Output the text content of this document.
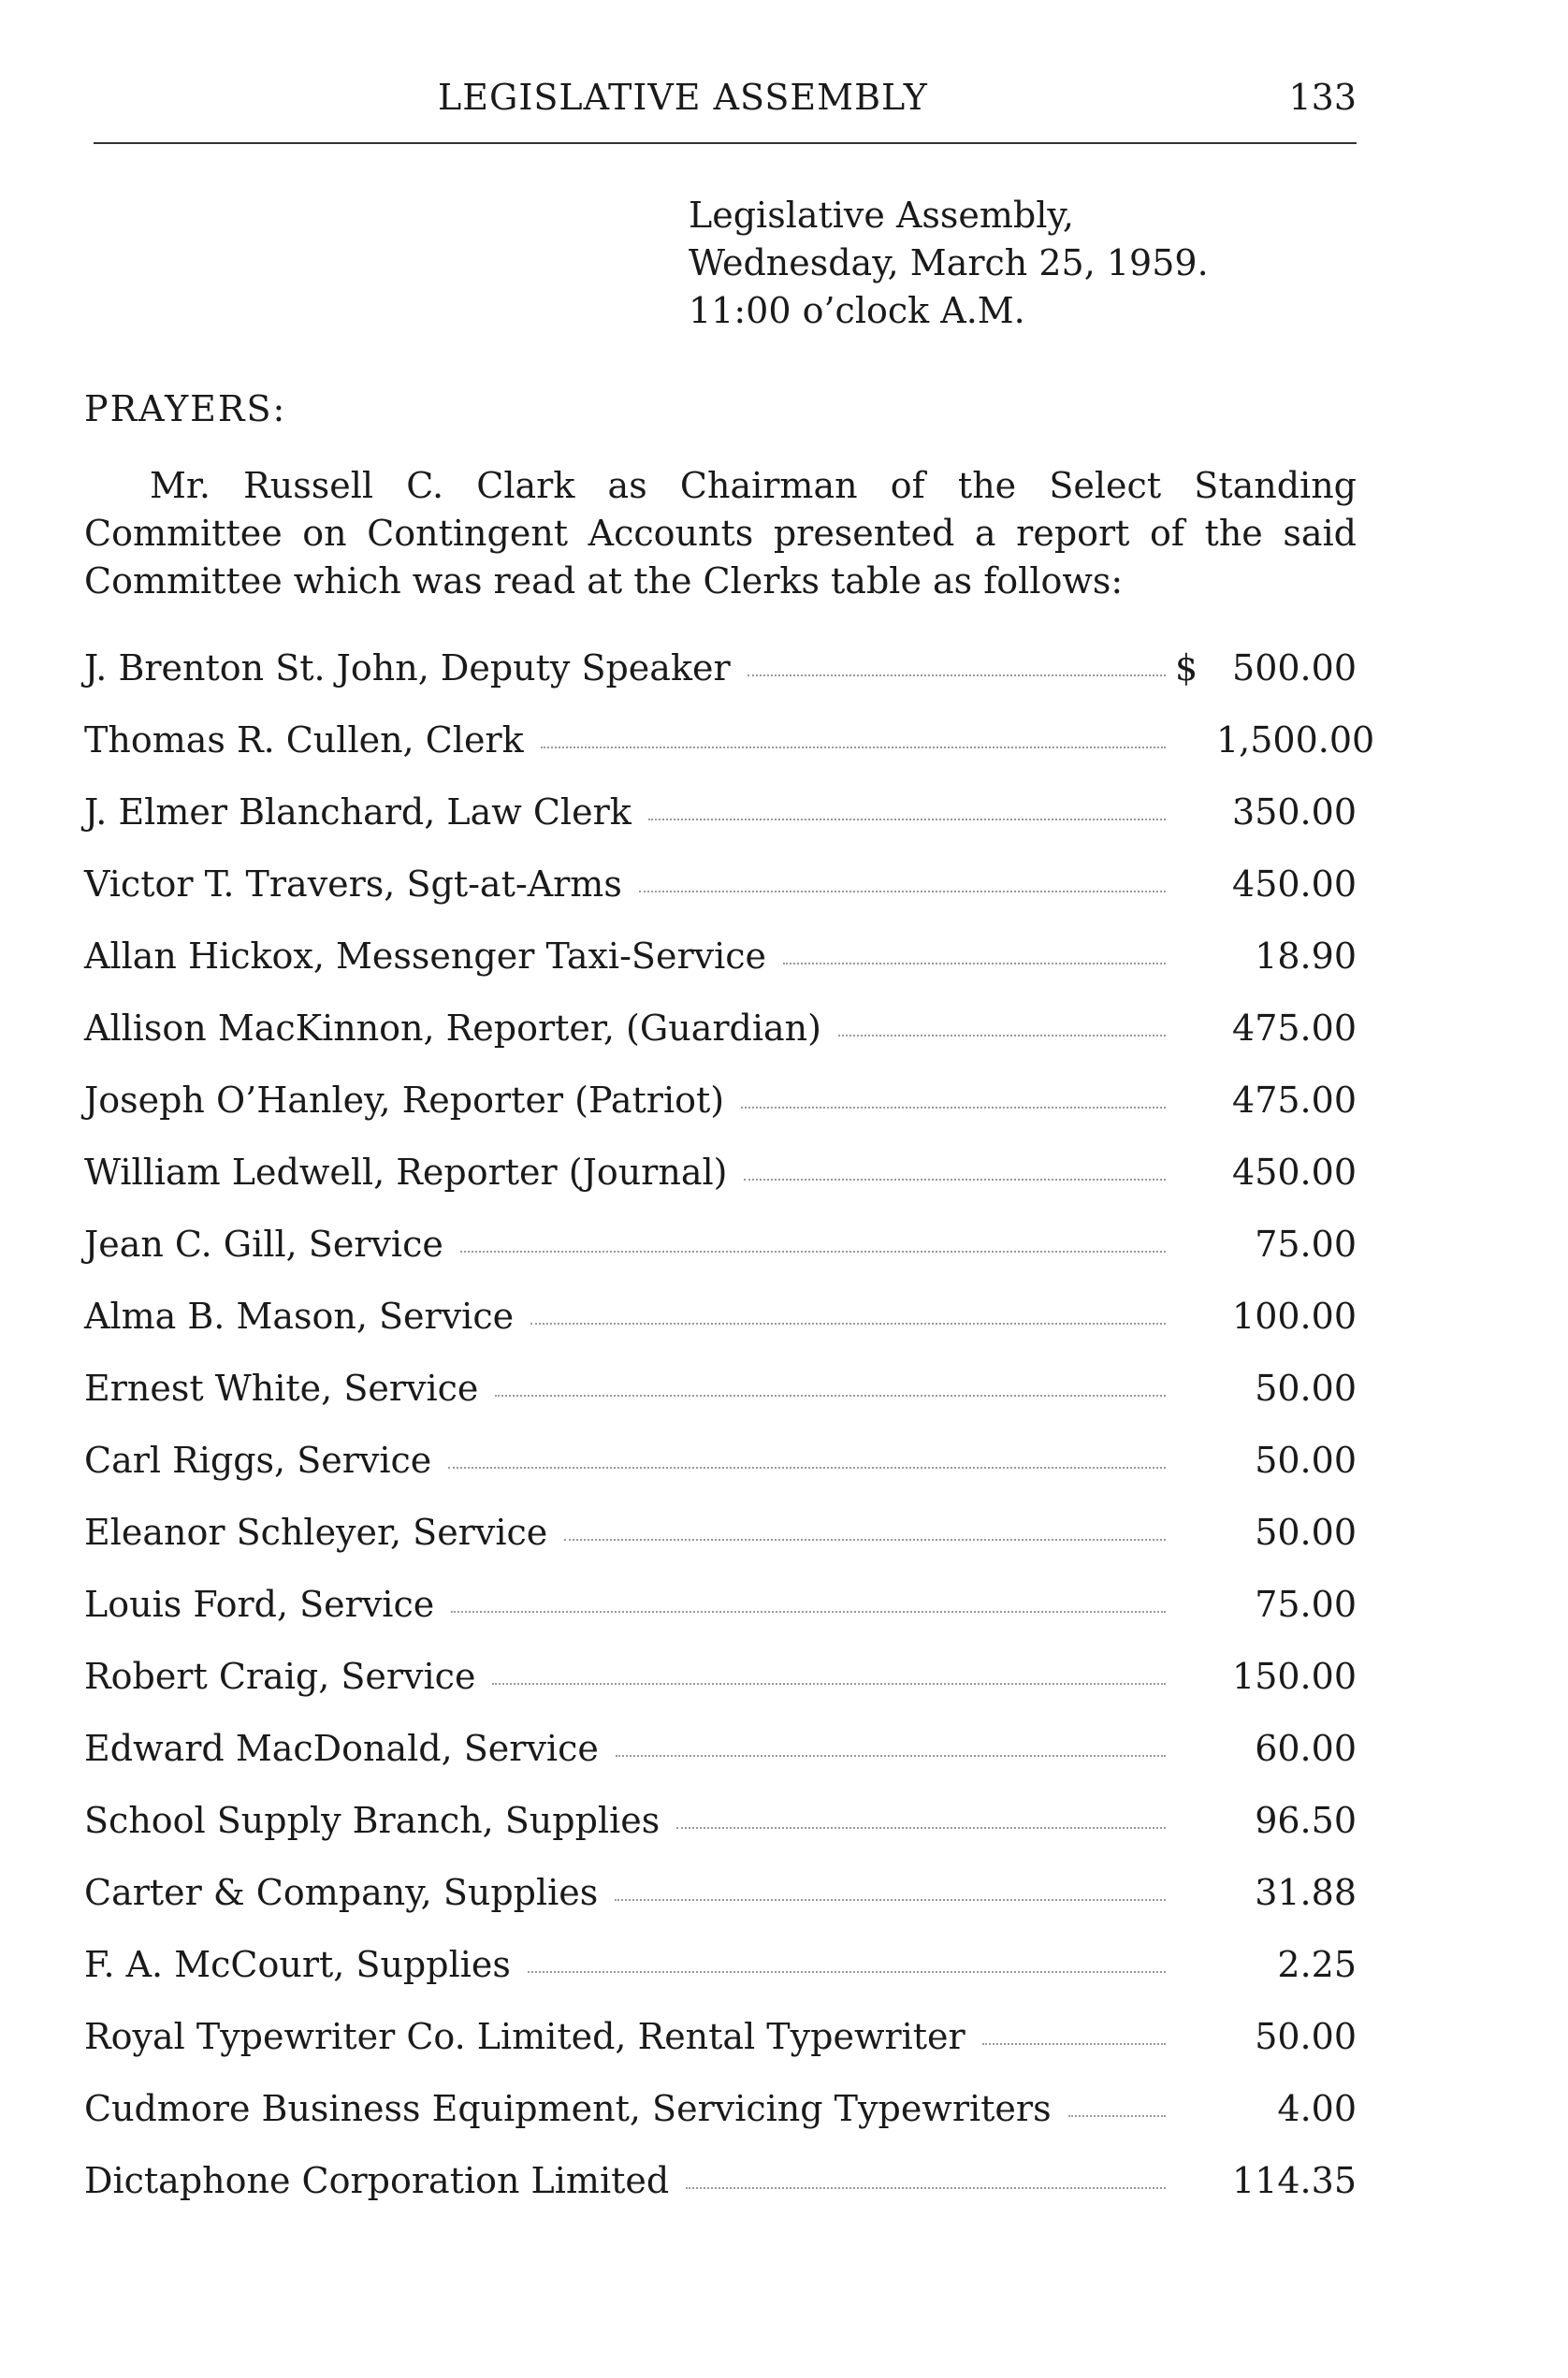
LEGISLATIVE ASSEMBLY	133
Legislative Assembly,
Wednesday, March 25, 1959.
11:00 o’clock A.M.
PRAYERS:

Mr. Russell C. Clark as Chairman of the Select Standing Committee on Contingent Accounts presented a report of the said Committee which was read at the Clerks table as follows:

J. Brenton St. John, Deputy Speaker	$ 500.00
Thomas R. Cullen, Clerk	1,500.00
J. Elmer Blanchard, Law Clerk	350.00
Victor T. Travers, Sgt-at-Arms	450.00
Allan Hickox, Messenger Taxi-Service	18.90
Allison MacKinnon, Reporter, (Guardian)	475.00
Joseph O’Hanley, Reporter (Patriot)	475.00
William Ledwell, Reporter (Journal)	450.00
Jean C. Gill, Service	75.00
Alma B. Mason, Service	100.00
Ernest White, Service	50.00
Carl Riggs, Service	50.00
Eleanor Schleyer, Service	50.00
Louis Ford, Service	75.00
Robert Craig, Service	150.00
Edward MacDonald, Service	60.00
School Supply Branch, Supplies	96.50
Carter & Company, Supplies	31.88
F. A. McCourt, Supplies	2.25
Royal Typewriter Co. Limited, Rental Typewriter	50.00
Cudmore Business Equipment, Servicing Typewriters	4.00
Dictaphone Corporation Limited	114.35
